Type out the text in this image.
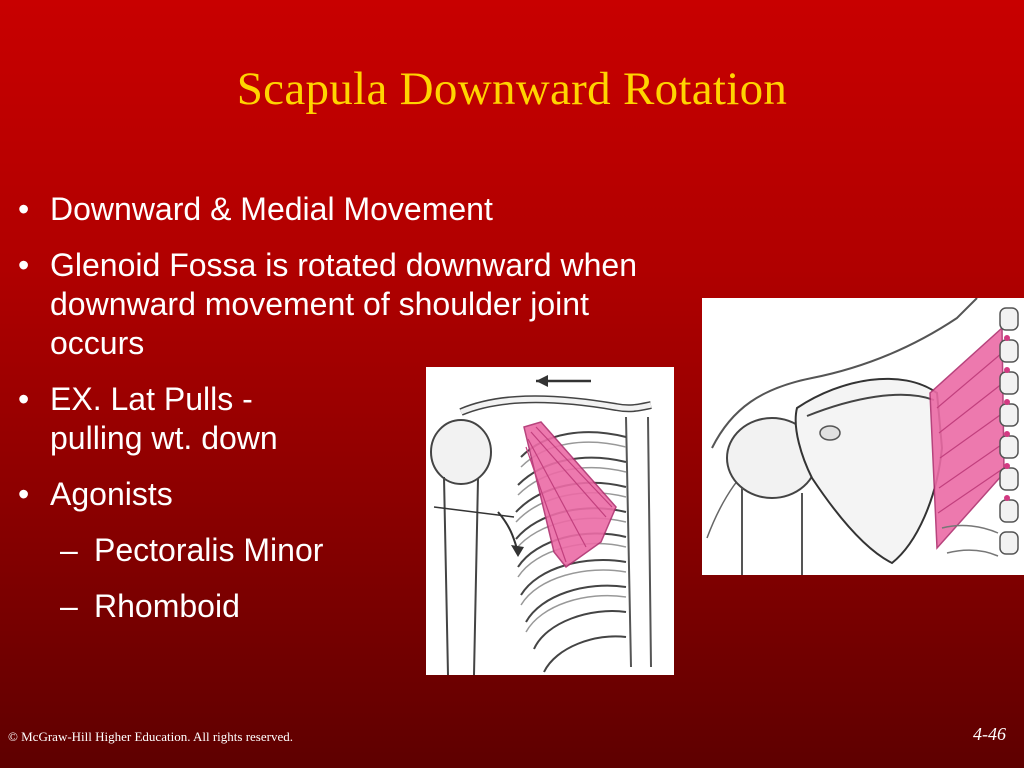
Scapula Downward Rotation
• Downward & Medial Movement
• Glenoid Fossa is rotated downward when downward movement of shoulder joint occurs
• EX. Lat Pulls -
pulling wt. down
• Agonists
– Pectoralis Minor
– Rhomboid
© McGraw-Hill Higher Education. All rights reserved.	4-46
